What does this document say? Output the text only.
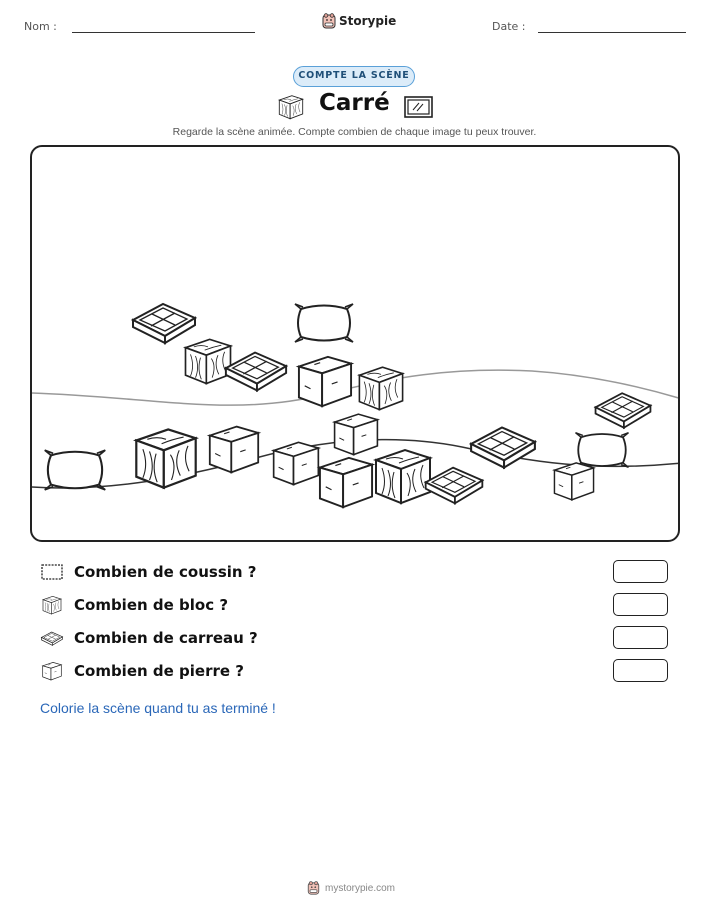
Nom :	Storypie	Date :
COMPTE LA SCÈNE
Carré
Regarde la scène animée. Compte combien de chaque image tu peux trouver.
Combien de coussin ?
Combien de bloc ?
Combien de carreau ?
Combien de pierre ?
Colorie la scène quand tu as terminé !
mystorypie.com
